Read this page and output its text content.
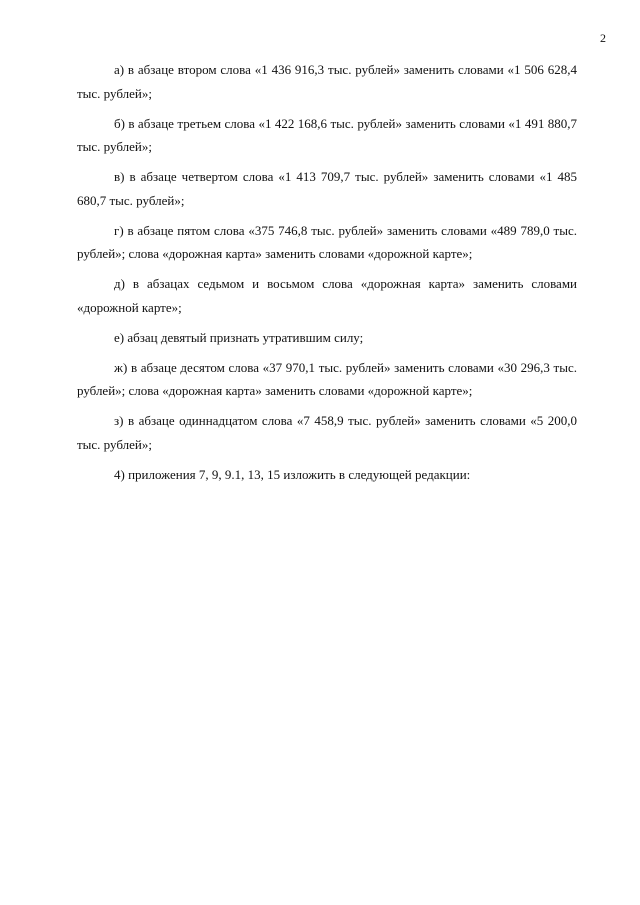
2

а) в абзаце втором слова «1 436 916,3 тыс. рублей» заменить словами «1 506 628,4 тыс. рублей»;

б) в абзаце третьем слова «1 422 168,6 тыс. рублей» заменить словами «1 491 880,7 тыс. рублей»;

в) в абзаце четвертом слова «1 413 709,7 тыс. рублей» заменить словами «1 485 680,7 тыс. рублей»;

г) в абзаце пятом слова «375 746,8 тыс. рублей» заменить словами «489 789,0 тыс. рублей»; слова «дорожная карта» заменить словами «дорожной карте»;

д) в абзацах седьмом и восьмом слова «дорожная карта» заменить словами «дорожной карте»;

е) абзац девятый признать утратившим силу;

ж) в абзаце десятом слова «37 970,1 тыс. рублей» заменить словами «30 296,3 тыс. рублей»; слова «дорожная карта» заменить словами «дорожной карте»;

з) в абзаце одиннадцатом слова «7 458,9 тыс. рублей» заменить словами «5 200,0 тыс. рублей»;

4) приложения 7, 9, 9.1, 13, 15 изложить в следующей редакции:
